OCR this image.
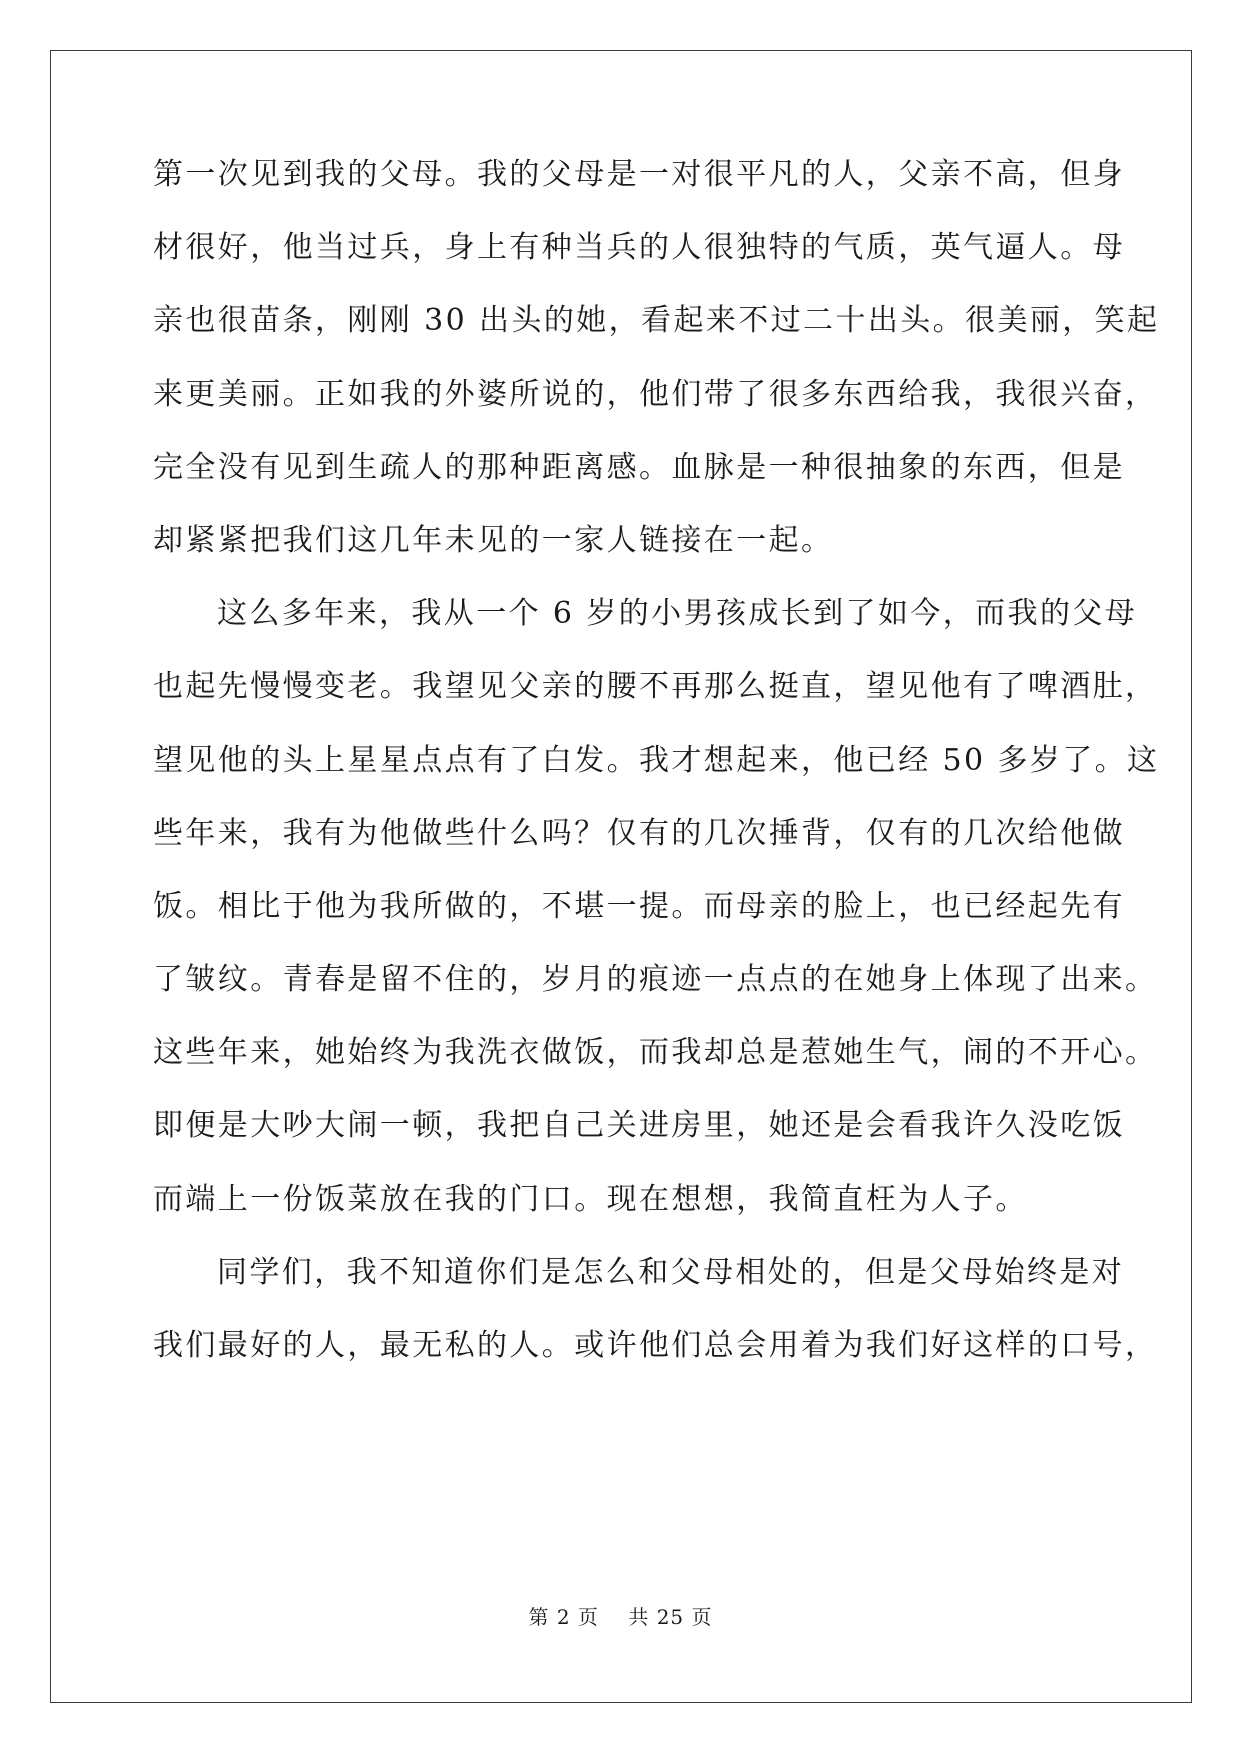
第一次见到我的父母。我的父母是一对很平凡的人，父亲不高，但身

材很好，他当过兵，身上有种当兵的人很独特的气质，英气逼人。母

亲也很苗条，刚刚 30 出头的她，看起来不过二十出头。很美丽，笑起

来更美丽。正如我的外婆所说的，他们带了很多东西给我，我很兴奋，

完全没有见到生疏人的那种距离感。血脉是一种很抽象的东西，但是

却紧紧把我们这几年未见的一家人链接在一起。

这么多年来，我从一个 6 岁的小男孩成长到了如今，而我的父母

也起先慢慢变老。我望见父亲的腰不再那么挺直，望见他有了啤酒肚，

望见他的头上星星点点有了白发。我才想起来，他已经 50 多岁了。这

些年来，我有为他做些什么吗？仅有的几次捶背，仅有的几次给他做

饭。相比于他为我所做的，不堪一提。而母亲的脸上，也已经起先有

了皱纹。青春是留不住的，岁月的痕迹一点点的在她身上体现了出来。

这些年来，她始终为我洗衣做饭，而我却总是惹她生气，闹的不开心。

即便是大吵大闹一顿，我把自己关进房里，她还是会看我许久没吃饭

而端上一份饭菜放在我的门口。现在想想，我简直枉为人子。

同学们，我不知道你们是怎么和父母相处的，但是父母始终是对

我们最好的人，最无私的人。或许他们总会用着为我们好这样的口号，

第 2 页    共 25 页
